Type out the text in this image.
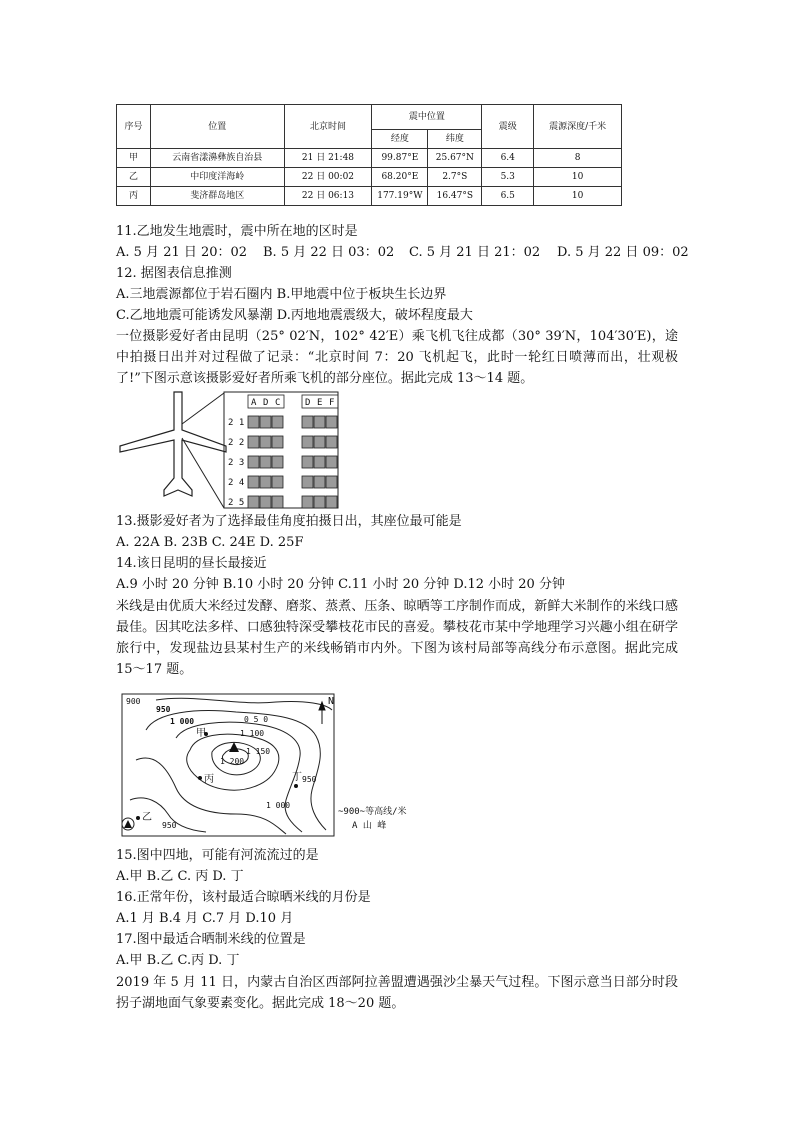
序号	位置	北京时间	震中位置		震级	震源深度/千米
			经度	纬度		
甲	云南省漾濞彝族自治县	21 日 21:48	99.87°E	25.67°N	6.4	8
乙	中印度洋海岭	22 日 00:02	68.20°E	2.7°S	5.3	10
丙	斐济群岛地区	22 日 06:13	177.19°W	16.47°S	6.5	10
11.乙地发生地震时，震中所在地的区时是
A. 5 月 21 日 20：02 B. 5 月 22 日 03：02 C. 5 月 21 日 21：02 D. 5 月 22 日 09：02
12. 据图表信息推测
A.三地震源都位于岩石圈内 B.甲地震中位于板块生长边界
C.乙地地震可能诱发风暴潮 D.丙地地震震级大，破坏程度最大
一位摄影爱好者由昆明（25° 02′N，102° 42′E）乘飞机飞往成都（30° 39′N，104′30′E)，途中拍摄日出并对过程做了记录：“北京时间 7：20 飞机起飞，此时一轮红日喷薄而出，壮观极了!”下图示意该摄影爱好者所乘飞机的部分座位。据此完成 13～14 题。
A D C	D E F
2 1
2 2
2 3
2 4
2 5
13.摄影爱好者为了选择最佳角度拍摄日出，其座位最可能是
A. 22A B. 23B C. 24E D. 25F
14.该日昆明的昼长最接近
A.9 小时 20 分钟 B.10 小时 20 分钟 C.11 小时 20 分钟 D.12 小时 20 分钟
米线是由优质大米经过发酵、磨浆、蒸煮、压条、晾晒等工序制作而成，新鲜大米制作的米线口感最佳。因其吃法多样、口感独特深受攀枝花市民的喜爱。攀枝花市某中学地理学习兴趣小组在研学旅行中，发现盐边县某村生产的米线畅销市内外。下图为该村局部等高线分布示意图。据此完成 15～17 题。
900
950
1 000	0 5 0
1 100
1 150
1 200
甲
丙
乙
丁 950
1 000
950
N
~900~等高线/米
A 山 峰
15.图中四地，可能有河流流过的是
A.甲 B.乙 C. 丙 D. 丁
16.正常年份，该村最适合晾晒米线的月份是
A.1 月 B.4 月 C.7 月 D.10 月
17.图中最适合晒制米线的位置是
A.甲 B.乙 C.丙 D. 丁
2019 年 5 月 11 日，内蒙古自治区西部阿拉善盟遭遇强沙尘暴天气过程。下图示意当日部分时段拐子湖地面气象要素变化。据此完成 18～20 题。
